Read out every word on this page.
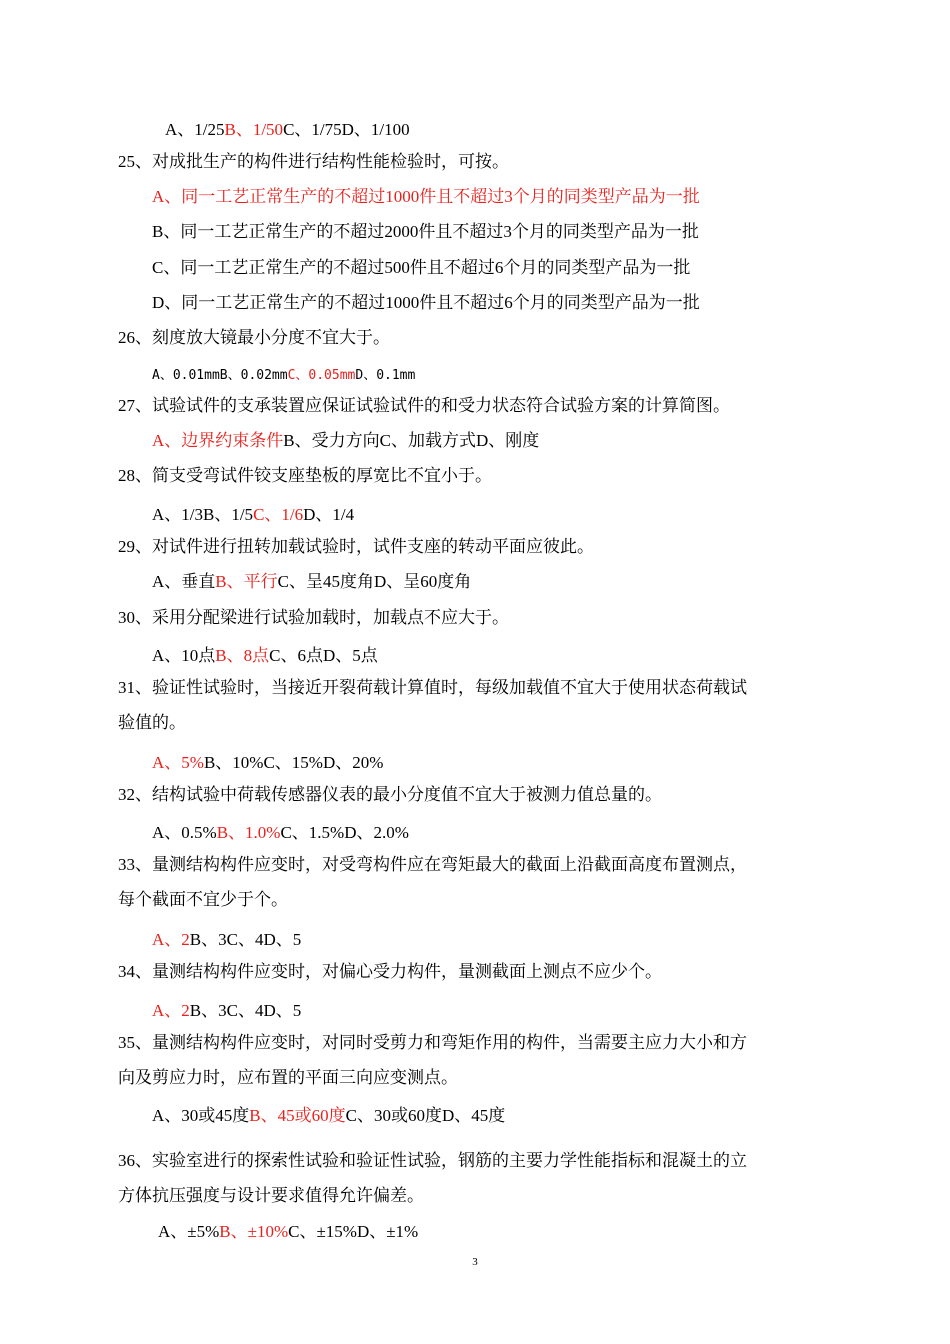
A、1/25B、1/50C、1/75D、1/100
25、对成批生产的构件进行结构性能检验时，可按。
A、同一工艺正常生产的不超过1000件且不超过3个月的同类型产品为一批
B、同一工艺正常生产的不超过2000件且不超过3个月的同类型产品为一批
C、同一工艺正常生产的不超过500件且不超过6个月的同类型产品为一批
D、同一工艺正常生产的不超过1000件且不超过6个月的同类型产品为一批
26、刻度放大镜最小分度不宜大于。
A、0.01mmB、0.02mmC、0.05mmD、0.1mm
27、试验试件的支承装置应保证试验试件的和受力状态符合试验方案的计算简图。
A、边界约束条件B、受力方向C、加载方式D、刚度
28、简支受弯试件铰支座垫板的厚宽比不宜小于。
A、1/3B、1/5C、1/6D、1/4
29、对试件进行扭转加载试验时，试件支座的转动平面应彼此。
A、垂直B、平行C、呈45度角D、呈60度角
30、采用分配梁进行试验加载时，加载点不应大于。
A、10点B、8点C、6点D、5点
31、验证性试验时，当接近开裂荷载计算值时，每级加载值不宜大于使用状态荷载试
验值的。
A、5%B、10%C、15%D、20%
32、结构试验中荷载传感器仪表的最小分度值不宜大于被测力值总量的。
A、0.5%B、1.0%C、1.5%D、2.0%
33、量测结构构件应变时，对受弯构件应在弯矩最大的截面上沿截面高度布置测点，
每个截面不宜少于个。
A、2B、3C、4D、5
34、量测结构构件应变时，对偏心受力构件，量测截面上测点不应少个。
A、2B、3C、4D、5
35、量测结构构件应变时，对同时受剪力和弯矩作用的构件，当需要主应力大小和方
向及剪应力时，应布置的平面三向应变测点。
A、30或45度B、45或60度C、30或60度D、45度
36、实验室进行的探索性试验和验证性试验，钢筋的主要力学性能指标和混凝土的立
方体抗压强度与设计要求值得允许偏差。
A、±5%B、±10%C、±15%D、±1%
3
